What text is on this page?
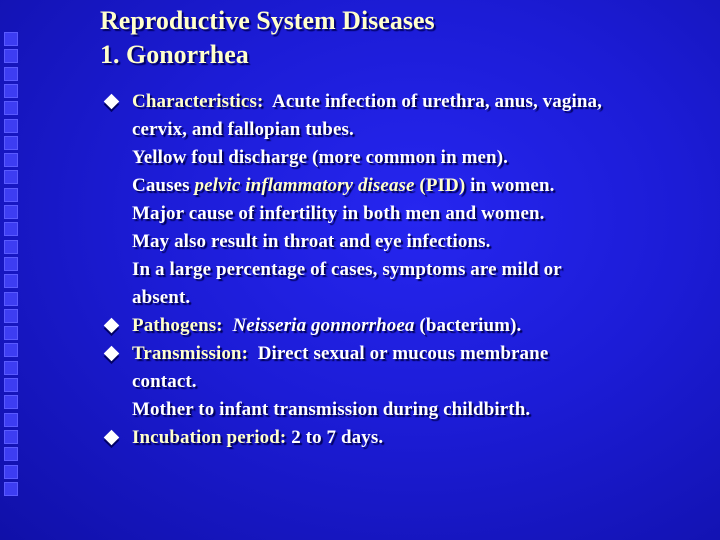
Reproductive System Diseases
1. Gonorrhea
Characteristics:  Acute infection of urethra, anus, vagina,
cervix, and fallopian tubes.
Yellow foul discharge (more common in men).
Causes pelvic inflammatory disease (PID) in women.
Major cause of infertility in both men and women.
May also result in throat and eye infections.
In a large percentage of cases, symptoms are mild or
absent.
Pathogens: Neisseria gonnorrhoea (bacterium).
Transmission:  Direct sexual or mucous membrane
contact.
Mother to infant transmission during childbirth.
Incubation period: 2 to 7 days.
